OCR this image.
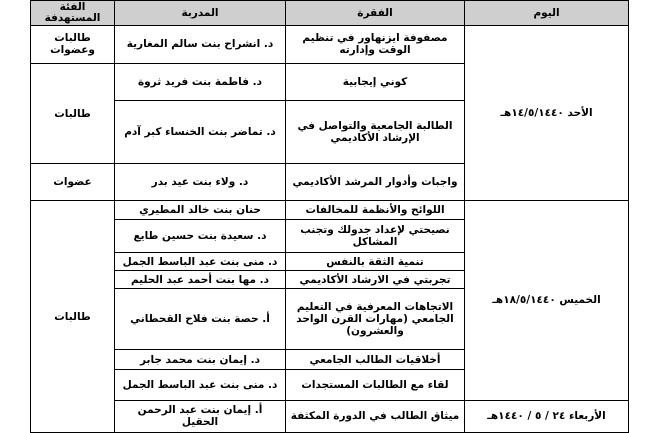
اليوم	الفقرة	المدربة	الفئة المستهدفة
الأحد ١٤/٥/١٤٤٠هـ	مصفوفة ايزنهاور في تنظيم الوقت وإدارته	د. انشراح بنت سالم المغارية	طالبات وعضوات
	كوني إيجابية	د. فاطمة بنت فريد ثروة	طالبات
	الطالبة الجامعية والتواصل في الإرشاد الأكاديمي	د. تماضر بنت الخنساء كبر آدم	
	واجبات وأدوار المرشد الأكاديمي	د. ولاء بنت عيد بدر	عضوات
الخميس ١٨/٥/١٤٤٠هـ	اللوائح والأنظمة للمخالفات	حنان بنت خالد المطيري	طالبات
	نصيحتي لإعداد جدولك وتجنب المشاكل	د. سعيدة بنت حسين طايع	
	تنمية الثقة بالنفس	د. منى بنت عبد الباسط الجمل	
	تجربتي في الارشاد الأكاديمي	د. مها بنت أحمد عبد الحليم	
	الاتجاهات المعرفية في التعليم الجامعي (مهارات القرن الواحد والعشرون)	أ. حصة بنت فلاح القحطاني	
	أخلاقيات الطالب الجامعي	د. إيمان بنت محمد جابر	
	لقاء مع الطالبات المستجدات	د. منى بنت عبد الباسط الجمل	
الأربعاء ٢٤ / ٥ / ١٤٤٠هـ	ميثاق الطالب في الدورة المكثفة	أ. إيمان بنت عبد الرحمن الحقيل	
